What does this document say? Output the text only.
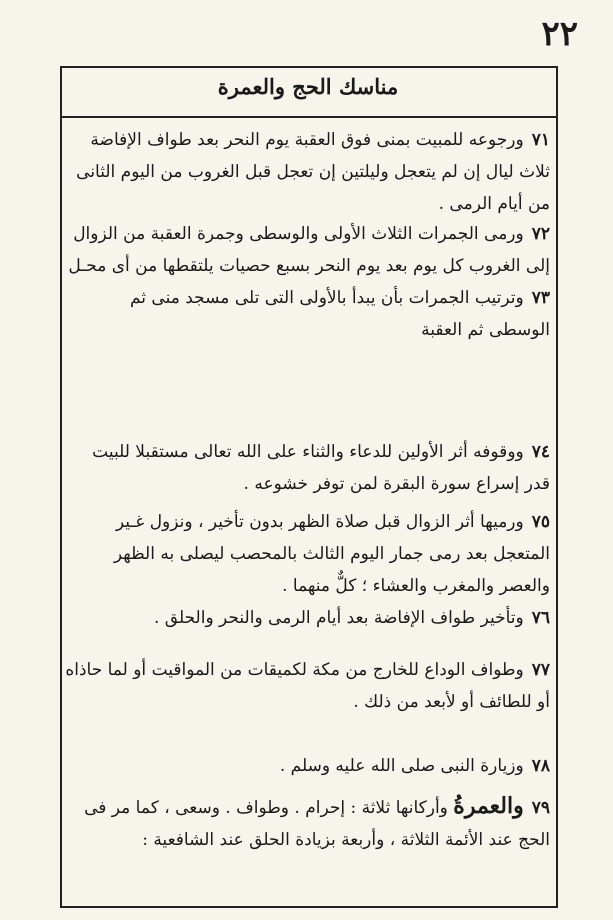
٢٢
مناسك الحج والعمرة
٧١ورجوعه للمبيت بمنى فوق العقبة يوم النحر بعد طواف الإفاضة ثلاث ليال إن لم يتعجل وليلتين إن تعجل قبل الغروب من اليوم الثانى من أيام الرمى .
٧٢ورمى الجمرات الثلاث الأولى والوسطى وجمرة العقبة من الزوال إلى الغروب كل يوم بعد يوم النحر بسبع حصيات يلتقطها من أى محـل
٧٣وترتيب الجمرات بأن يبدأ بالأولى التى تلى مسجد منى ثم الوسطى ثم العقبة
٧٤ووقوفه أثر الأولين للدعاء والثناء على الله تعالى مستقبلا للبيت قدر إسراع سورة البقرة لمن توفر خشوعه .
٧٥ورميها أثر الزوال قبل صلاة الظهر بدون تأخير ، ونزول غـير المتعجل بعد رمى جمار اليوم الثالث بالمحصب ليصلى به الظهر والعصر والمغرب والعشاء ؛ كلٌّ منهما .
٧٦وتأخير طواف الإفاضة بعد أيام الرمى والنحر والحلق .
٧٧وطواف الوداع للخارج من مكة لكميقات من المواقيت أو لما حاذاه أو للطائف أو لأبعد من ذلك .
٧٨وزيارة النبى صلى الله عليه وسلم .
٧٩والعمرةُ وأركانها ثلاثة : إحرام . وطواف . وسعى ، كما مر فى الحج عند الأئمة الثلاثة ، وأربعة بزيادة الحلق عند الشافعية :
